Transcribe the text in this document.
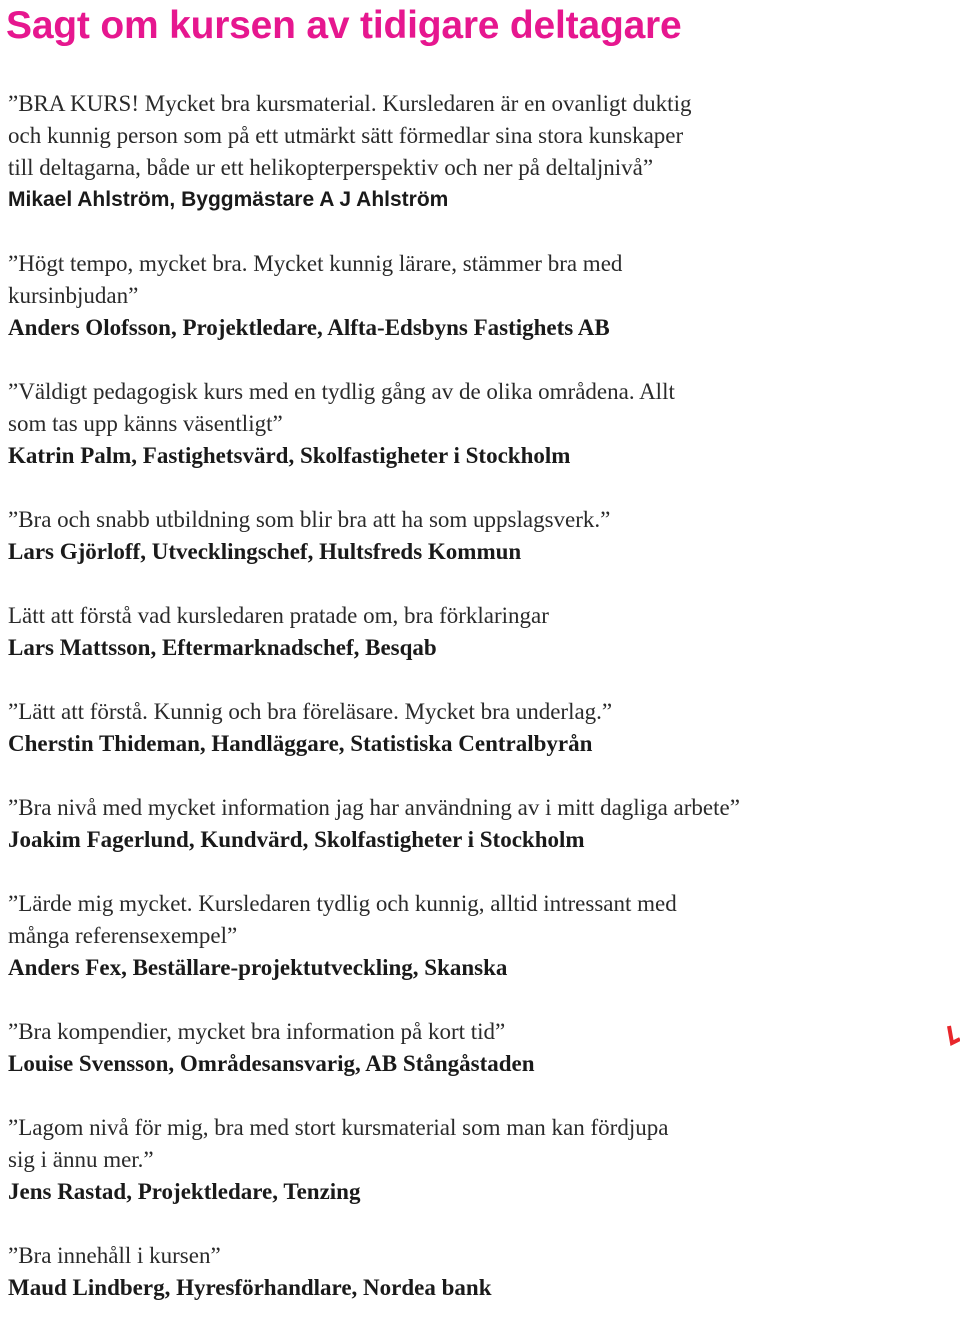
Sagt om kursen av tidigare deltagare
”BRA KURS! Mycket bra kursmaterial. Kursledaren är en ovanligt duktig
och kunnig person som på ett utmärkt sätt förmedlar sina stora kunskaper
till deltagarna, både ur ett helikopterperspektiv och ner på deltaljnivå”
Mikael Ahlström, Byggmästare A J Ahlström
”Högt tempo, mycket bra. Mycket kunnig lärare, stämmer bra med
kursinbjudan”
Anders Olofsson, Projektledare, Alfta-Edsbyns Fastighets AB
”Väldigt pedagogisk kurs med en tydlig gång av de olika områdena. Allt
som tas upp känns väsentligt”
Katrin Palm, Fastighetsvärd, Skolfastigheter i Stockholm
”Bra och snabb utbildning som blir bra att ha som uppslagsverk.”
Lars Gjörloff, Utvecklingschef, Hultsfreds Kommun
Lätt att förstå vad kursledaren pratade om, bra förklaringar
Lars Mattsson, Eftermarknadschef, Besqab
”Lätt att förstå. Kunnig och bra föreläsare. Mycket bra underlag.”
Cherstin Thideman, Handläggare, Statistiska Centralbyrån
”Bra nivå med mycket information jag har användning av i mitt dagliga arbete”
Joakim Fagerlund, Kundvärd, Skolfastigheter i Stockholm
”Lärde mig mycket. Kursledaren tydlig och kunnig, alltid intressant med
många referensexempel”
Anders Fex, Beställare-projektutveckling, Skanska
”Bra kompendier, mycket bra information på kort tid”
Louise Svensson, Områdesansvarig, AB Stångåstaden
”Lagom nivå för mig, bra med stort kursmaterial som man kan fördjupa
sig i ännu mer.”
Jens Rastad, Projektledare, Tenzing
”Bra innehåll i kursen”
Maud Lindberg, Hyresförhandlare, Nordea bank
